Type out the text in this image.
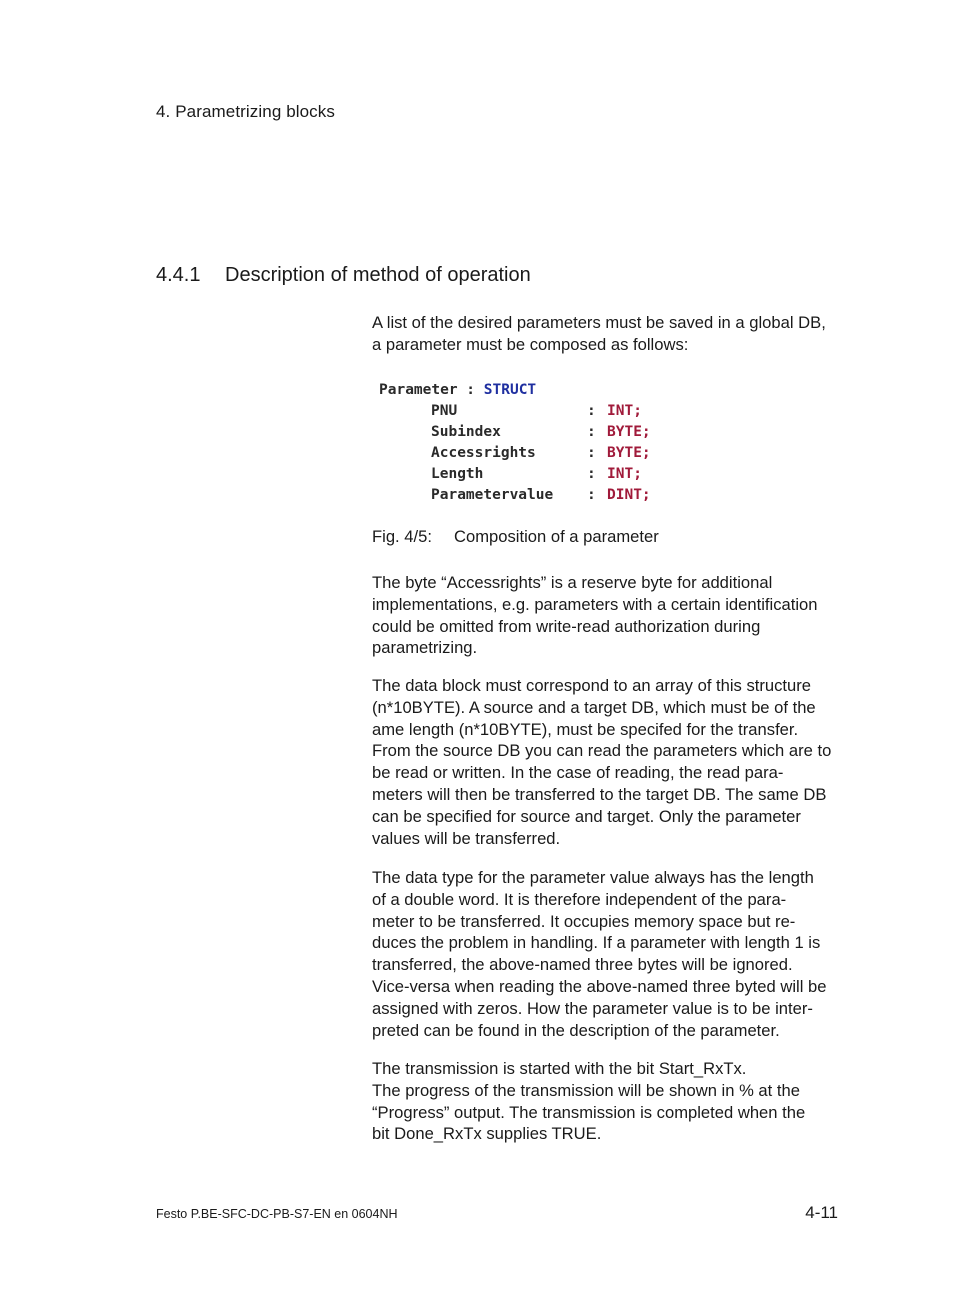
4. Parametrizing blocks
4.4.1	Description of method of operation
A list of the desired parameters must be saved in a global DB,
a parameter must be composed as follows:
Parameter : STRUCT
PNU	: INT;
Subindex	: BYTE;
Accessrights	: BYTE;
Length	: INT;
Parametervalue	: DINT;
Fig. 4/5:	Composition of a parameter
The byte “Accessrights” is a reserve byte for additional
implementations, e.g. parameters with a certain identification
could be omitted from write-read authorization during
parametrizing.
The data block must correspond to an array of this structure
(n*10BYTE). A source and a target DB, which must be of the
ame length (n*10BYTE), must be specifed for the transfer.
From the source DB you can read the parameters which are to
be read or written. In the case of reading, the read para-
meters will then be transferred to the target DB. The same DB
can be specified for source and target. Only the parameter
values will be transferred.
The data type for the parameter value always has the length
of a double word. It is therefore independent of the para-
meter to be transferred. It occupies memory space but re-
duces the problem in handling. If a parameter with length 1 is
transferred, the above-named three bytes will be ignored.
Vice-versa when reading the above-named three byted will be
assigned with zeros. How the parameter value is to be inter-
preted can be found in the description of the parameter.
The transmission is started with the bit Start_RxTx.
The progress of the transmission will be shown in % at the
“Progress” output. The transmission is completed when the
bit Done_RxTx supplies TRUE.
Festo P.BE-SFC-DC-PB-S7-EN en 0604NH	4-11
